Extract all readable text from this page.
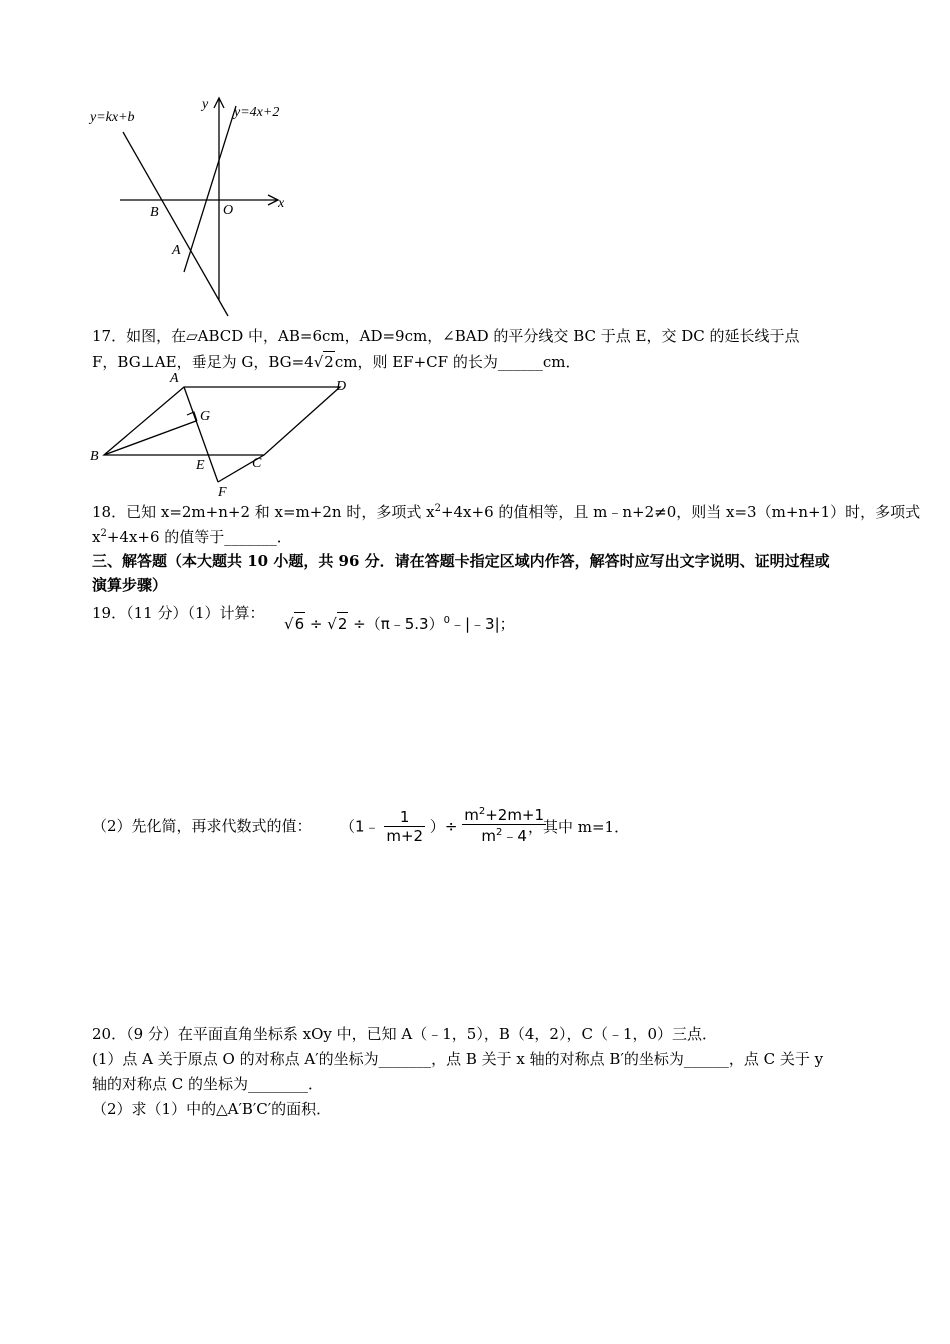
y=kx+b	y=4x+2
y
x
B	O
A
17．如图，在▱ABCD 中，AB=6cm，AD=9cm，∠BAD 的平分线交 BC 于点 E，交 DC 的延长线于点
F，BG⊥AE，垂足为 G，BG=4√2cm，则 EF+CF 的长为______cm．
A
D
G
B
E	C
F
18．已知 x=2m+n+2 和 x=m+2n 时，多项式 $x^2+4x+6$ 的值相等，且 m﹣n+2≠0，则当 x=3（m+n+1）时，多项式
$x^2+4x+6$ 的值等于_______．
三、解答题（本大题共 10 小题，共 96 分．请在答题卡指定区域内作答，解答时应写出文字说明、证明过程或
演算步骤）
19．（11 分）（1）计算：
√6 ÷ √2 ÷（π﹣5.3）$^0$﹣|﹣3|；
（2）先化简，再求代数式的值： （1﹣ $\frac{1}{m+2}$ ）÷ $\frac{m^2+2m+1}{m^2﹣4}$
，其中 m=1．
20．（9 分）在平面直角坐标系 xOy 中，已知 A（﹣1，5），B（4，2），C（﹣1，0）三点．
(1）点 A 关于原点 O 的对称点 A′的坐标为_______，点 B 关于 x 轴的对称点 B′的坐标为______，点 C 关于 y
轴的对称点 C 的坐标为________．
（2）求（1）中的△A′B′C′的面积．
